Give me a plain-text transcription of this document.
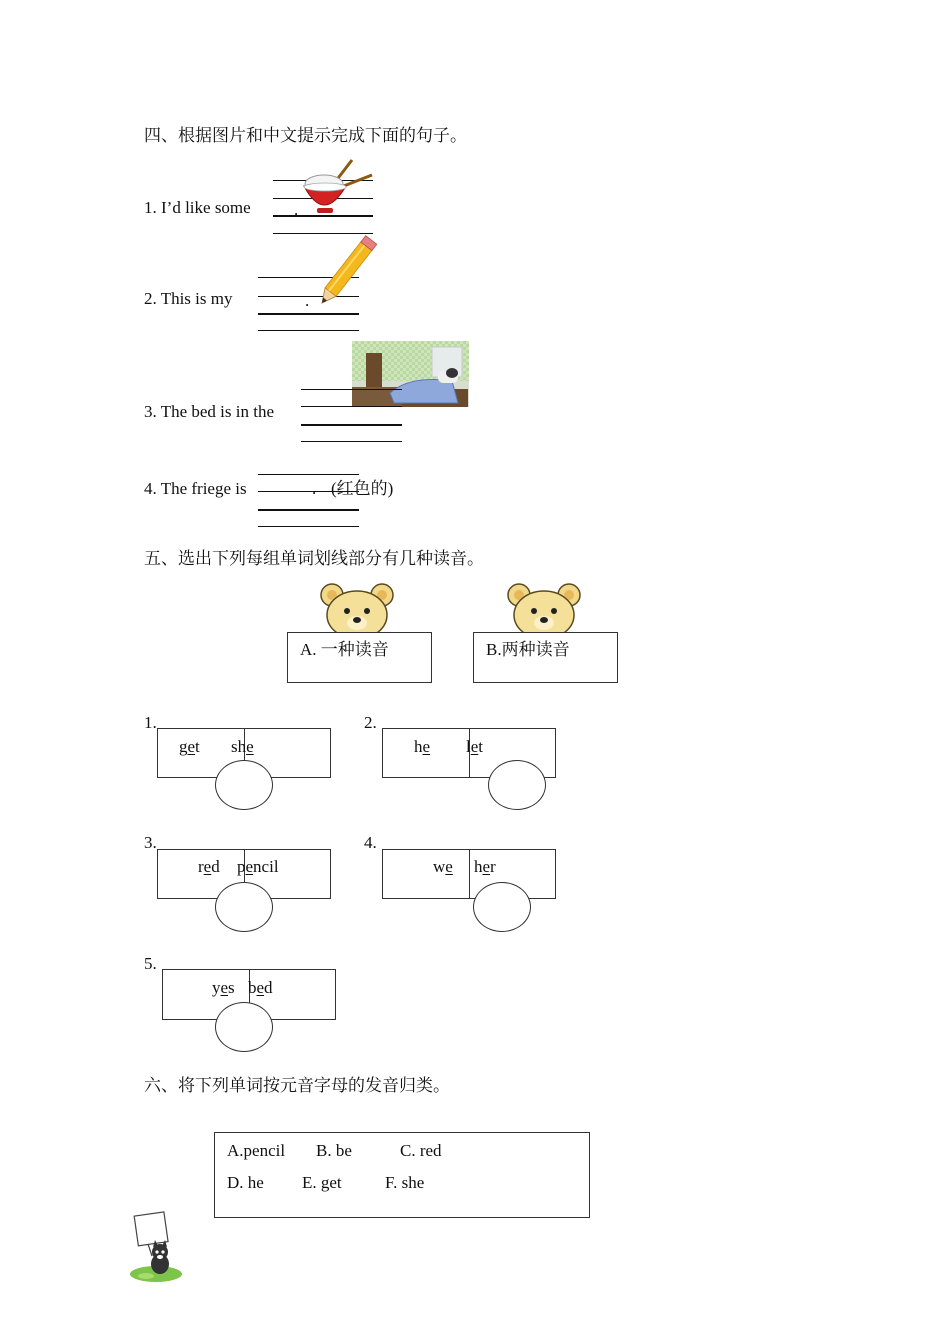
四、根据图片和中文提示完成下面的句子。
1. I’d like some	.
2. This is my	.
3. The bed is in the
4. The friege is	. (红色的)
五、选出下列每组单词划线部分有几种读音。
A. 一种读音	B.两种读音
1.
get she
2.
he let
3.
red pencil
4.
we her
5.
yes bed
六、将下列单词按元音字母的发音归类。
A.pencil B. be	C. red
D. he E. get	F. she
